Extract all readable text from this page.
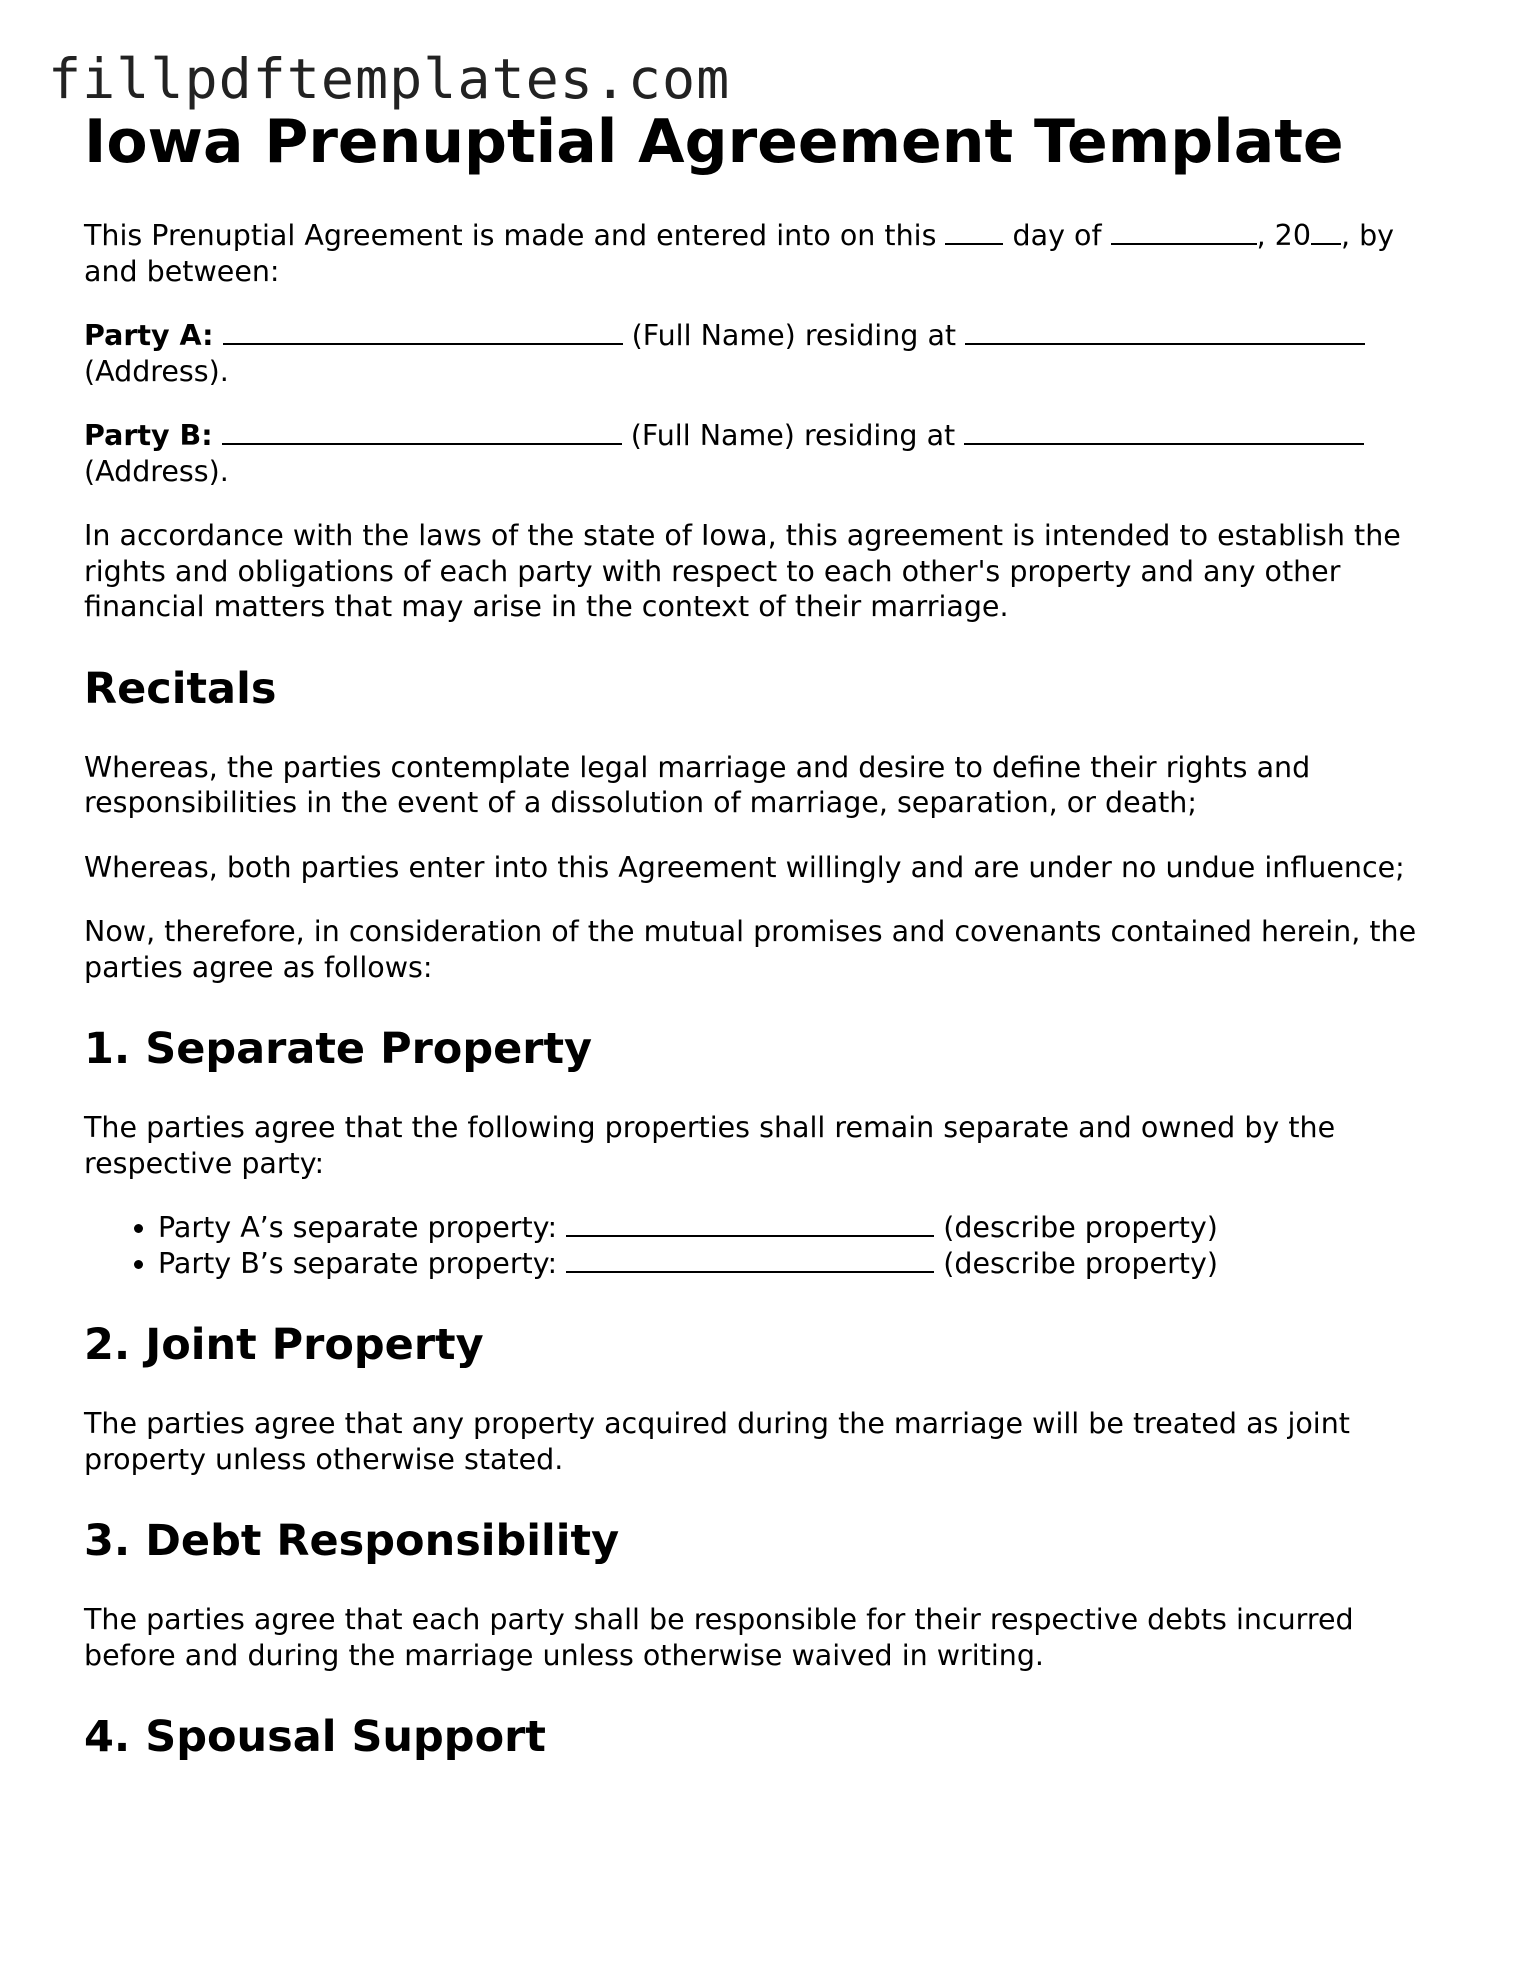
fillpdftemplates.com
Iowa Prenuptial Agreement Template

This Prenuptial Agreement is made and entered into on this  day of	, 20 , by and between:

Party A:	(Full Name) residing at  (Address).

Party B:	(Full Name) residing at  (Address).

In accordance with the laws of the state of Iowa, this agreement is intended to establish the rights and obligations of each party with respect to each other's property and any other financial matters that may arise in the context of their marriage.

Recitals

Whereas, the parties contemplate legal marriage and desire to define their rights and responsibilities in the event of a dissolution of marriage, separation, or death;

Whereas, both parties enter into this Agreement willingly and are under no undue influence;

Now, therefore, in consideration of the mutual promises and covenants contained herein, the parties agree as follows:

1. Separate Property

The parties agree that the following properties shall remain separate and owned by the respective party:

• Party A’s separate property:	(describe property)
• Party B’s separate property:	(describe property)
2. Joint Property

The parties agree that any property acquired during the marriage will be treated as joint property unless otherwise stated.

3. Debt Responsibility

The parties agree that each party shall be responsible for their respective debts incurred before and during the marriage unless otherwise waived in writing.

4. Spousal Support
